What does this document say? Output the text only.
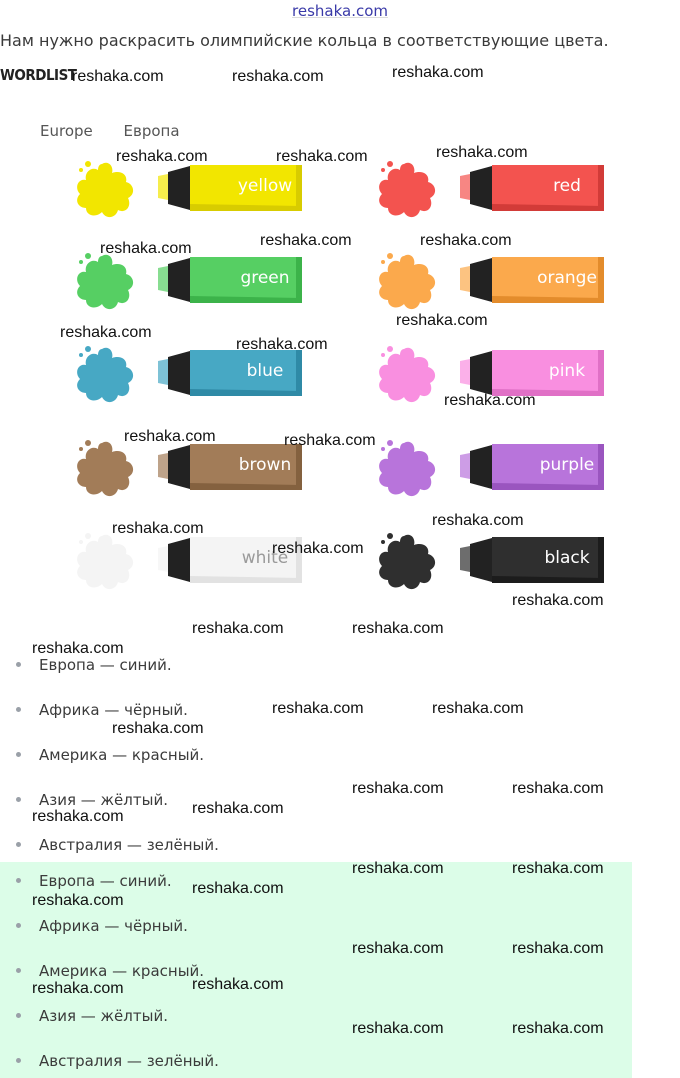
reshaka.com
Нам нужно раскрасить олимпийские кольца в соответствующие цвета.
WORDLIST
Europe Европа
yellow	red
green	orange
blue	pink
brown	purple
white	black
Европа — синий.
Африка — чёрный.
Америка — красный.
Азия — жёлтый.
Австралия — зелёный.
Европа — синий.
Африка — чёрный.
Америка — красный.
Азия — жёлтый.
Австралия — зелёный.
reshaka.com	reshaka.com	reshaka.com
reshaka.com	reshaka.com	reshaka.com
reshaka.com	reshaka.com	reshaka.com
reshaka.com
reshaka.com
reshaka.com
reshaka.com
reshaka.com	reshaka.com
reshaka.com
reshaka.com
reshaka.com
reshaka.com
reshaka.com	reshaka.com
reshaka.com
reshaka.com	reshaka.com
reshaka.com
reshaka.com	reshaka.com
reshaka.com
reshaka.com
reshaka.com	reshaka.com
reshaka.com
reshaka.com
reshaka.com	reshaka.com
reshaka.com
reshaka.com
reshaka.com	reshaka.com
